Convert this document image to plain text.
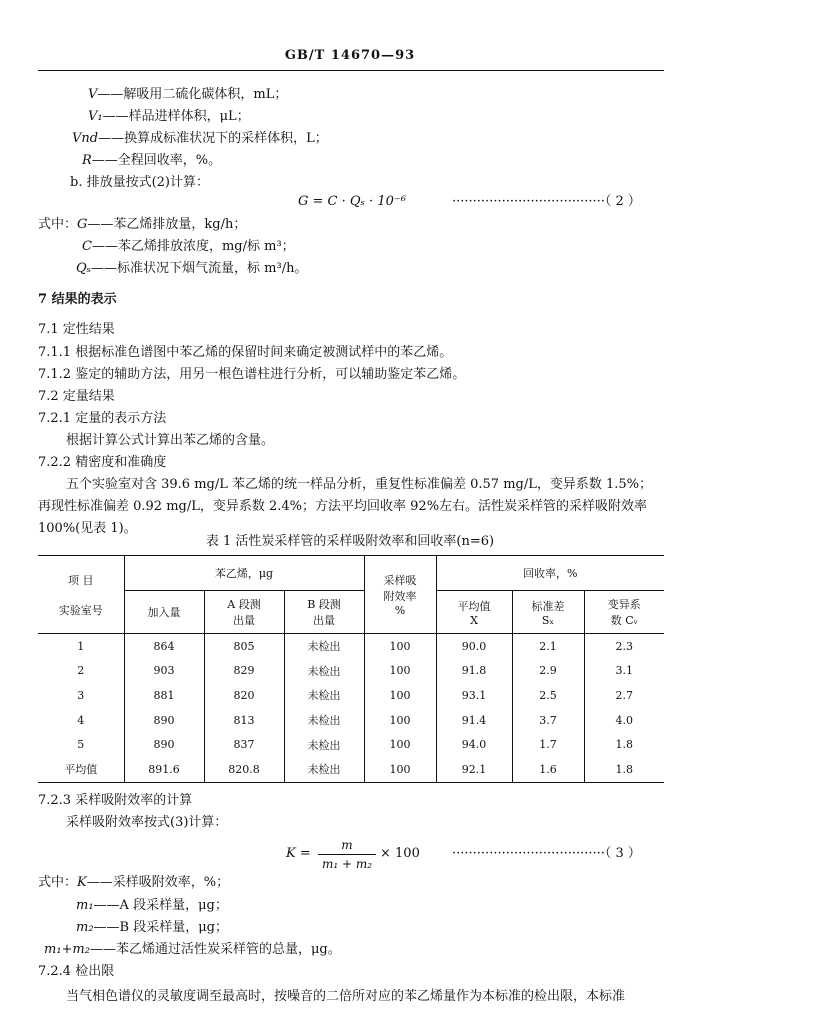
GB/T 14670—93
V——解吸用二硫化碳体积，mL；
V₁——样品进样体积，μL；
Vnd——换算成标准状况下的采样体积，L；
R——全程回收率，%。
b. 排放量按式(2)计算：
G = C · Qₛ · 10⁻⁶	·····································（ 2 ）
式中：G——苯乙烯排放量，kg/h；
C——苯乙烯排放浓度，mg/标 m³；
Qₛ——标准状况下烟气流量，标 m³/h。
7 结果的表示
7.1 定性结果
7.1.1 根据标准色谱图中苯乙烯的保留时间来确定被测试样中的苯乙烯。
7.1.2 鉴定的辅助方法，用另一根色谱柱进行分析，可以辅助鉴定苯乙烯。
7.2 定量结果
7.2.1 定量的表示方法
根据计算公式计算出苯乙烯的含量。
7.2.2 精密度和准确度
五个实验室对含 39.6 mg/L 苯乙烯的统一样品分析，重复性标准偏差 0.57 mg/L，变异系数 1.5%；再现性标准偏差 0.92 mg/L，变异系数 2.4%；方法平均回收率 92%左右。活性炭采样管的采样吸附效率 100%(见表 1)。
表 1 活性炭采样管的采样吸附效率和回收率(n=6)
项 目
实验室号	苯乙烯，μg			采样吸附效率 %	回收率，%		
	加入量	A 段测出量	B 段测出量		平均值 X	标准差 Sₓ	变异系数 Cᵥ
1	864	805	未检出	100	90.0	2.1	2.3
2	903	829	未检出	100	91.8	2.9	3.1
3	881	820	未检出	100	93.1	2.5	2.7
4	890	813	未检出	100	91.4	3.7	4.0
5	890	837	未检出	100	94.0	1.7	1.8
平均值	891.6	820.8	未检出	100	92.1	1.6	1.8
7.2.3 采样吸附效率的计算
采样吸附效率按式(3)计算：
$K = \frac{m}{\text{m₁ + m₂}} \times 100$ ·····································（ 3 ）
式中：K——采样吸附效率，%；
m₁——A 段采样量，μg；
m₂——B 段采样量，μg；
m₁+m₂——苯乙烯通过活性炭采样管的总量，μg。
7.2.4 检出限
当气相色谱仪的灵敏度调至最高时，按噪音的二倍所对应的苯乙烯量作为本标准的检出限，本标准
